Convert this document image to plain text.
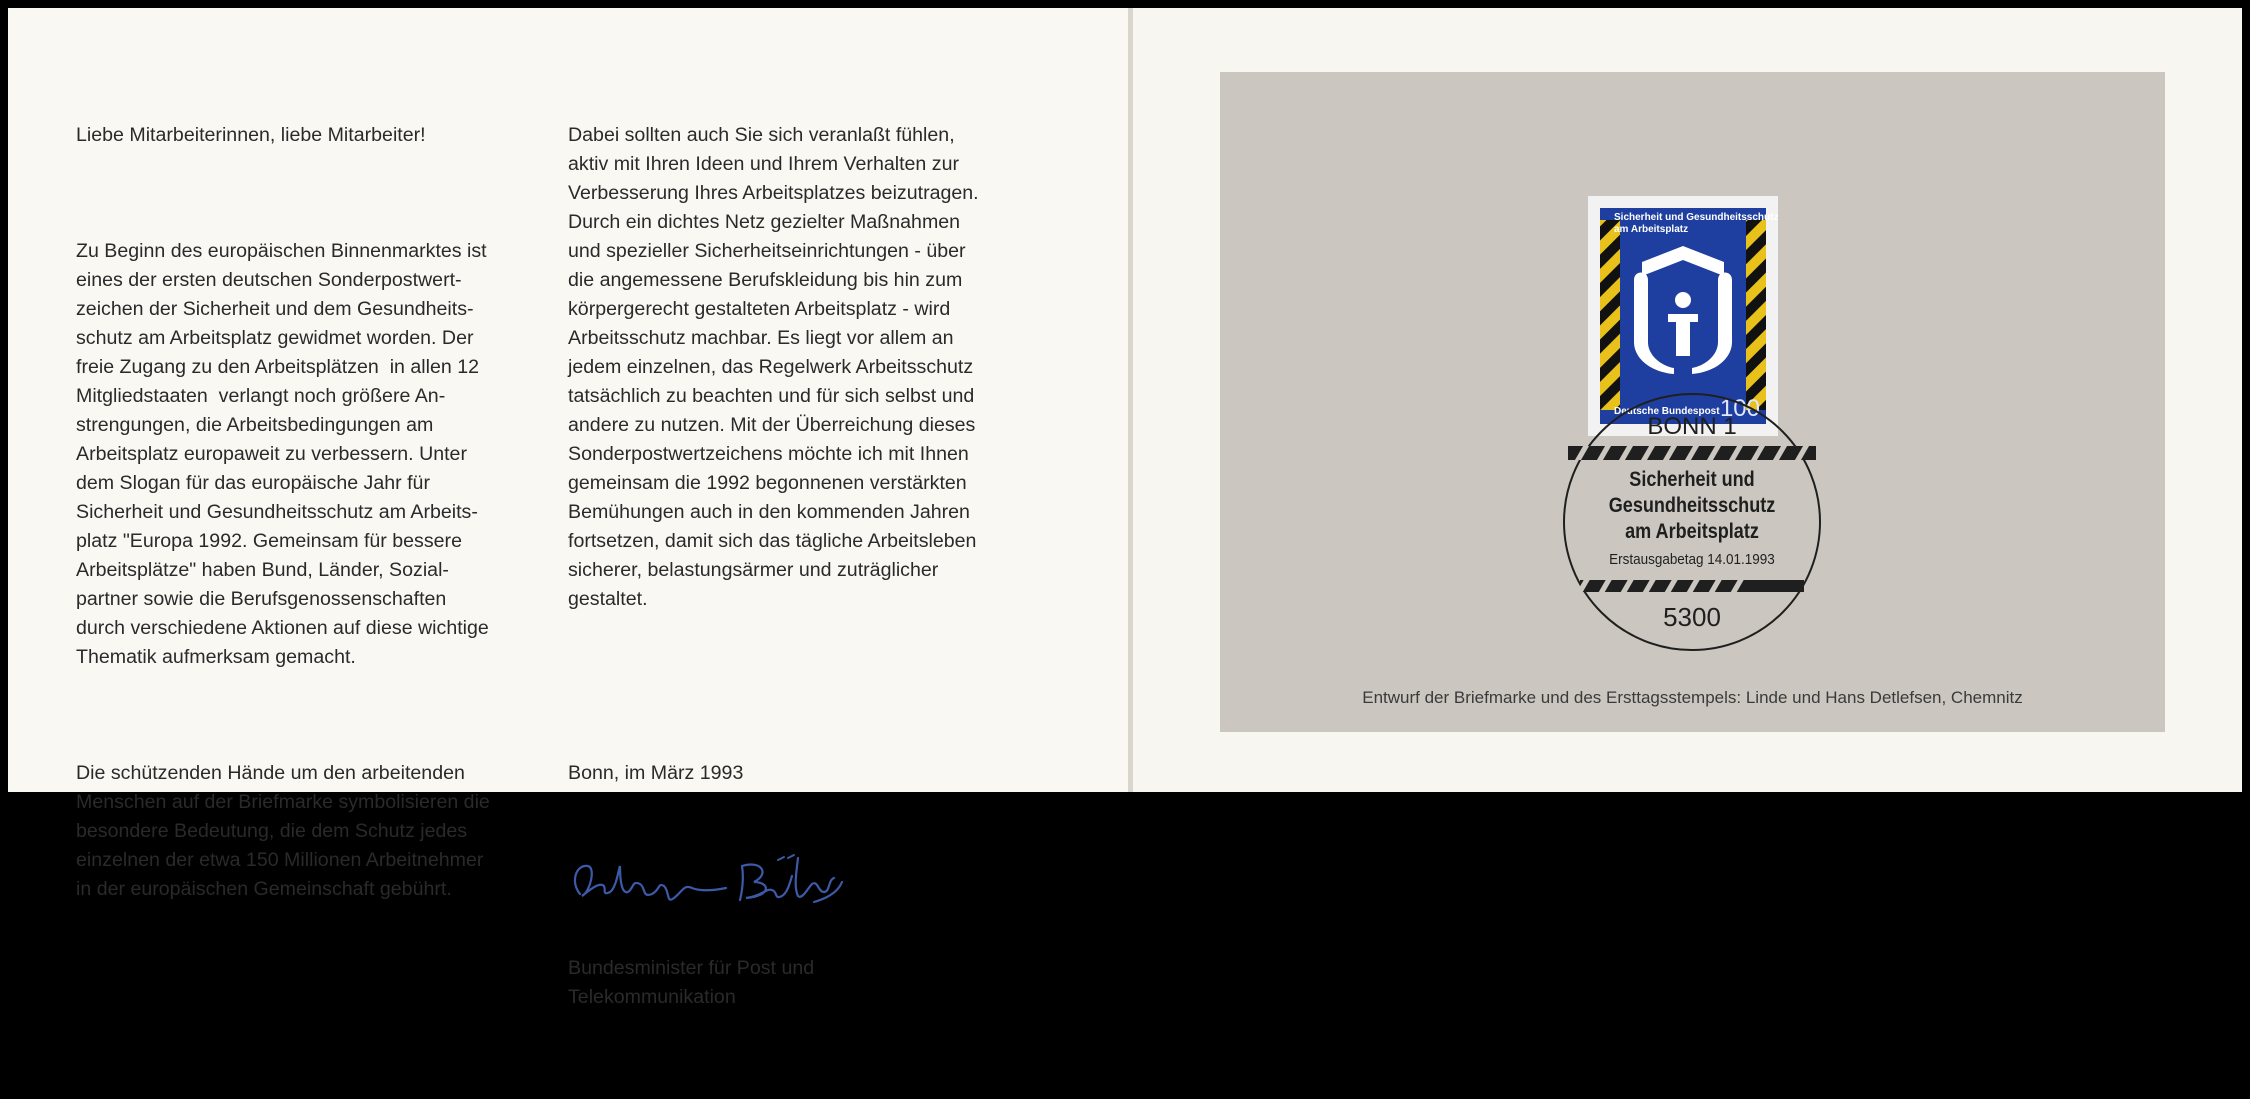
Liebe Mitarbeiterinnen, liebe Mitarbeiter!

Zu Beginn des europäischen Binnenmarktes ist
eines der ersten deutschen Sonderpostwert-
zeichen der Sicherheit und dem Gesundheits-
schutz am Arbeitsplatz gewidmet worden. Der
freie Zugang zu den Arbeitsplätzen  in allen 12
Mitgliedstaaten  verlangt noch größere An-
strengungen, die Arbeitsbedingungen am
Arbeitsplatz europaweit zu verbessern. Unter
dem Slogan für das europäische Jahr für
Sicherheit und Gesundheitsschutz am Arbeits-
platz "Europa 1992. Gemeinsam für bessere
Arbeitsplätze" haben Bund, Länder, Sozial-
partner sowie die Berufsgenossenschaften
durch verschiedene Aktionen auf diese wichtige
Thematik aufmerksam gemacht.

Die schützenden Hände um den arbeitenden
Menschen auf der Briefmarke symbolisieren die
besondere Bedeutung, die dem Schutz jedes
einzelnen der etwa 150 Millionen Arbeitnehmer
in der europäischen Gemeinschaft gebührt.

Dabei sollten auch Sie sich veranlaßt fühlen,
aktiv mit Ihren Ideen und Ihrem Verhalten zur
Verbesserung Ihres Arbeitsplatzes beizutragen.
Durch ein dichtes Netz gezielter Maßnahmen
und spezieller Sicherheitseinrichtungen - über
die angemessene Berufskleidung bis hin zum
körpergerecht gestalteten Arbeitsplatz - wird
Arbeitsschutz machbar. Es liegt vor allem an
jedem einzelnen, das Regelwerk Arbeitsschutz
tatsächlich zu beachten und für sich selbst und
andere zu nutzen. Mit der Überreichung dieses
Sonderpostwertzeichens möchte ich mit Ihnen
gemeinsam die 1992 begonnenen verstärkten
Bemühungen auch in den kommenden Jahren
fortsetzen, damit sich das tägliche Arbeitsleben
sicherer, belastungsärmer und zuträglicher
gestaltet.

Bonn, im März 1993

Bundesminister für Post und
Telekommunikation

Entwurf der Briefmarke und des Ersttagsstempels: Linde und Hans Detlefsen, Chemnitz
Sicherheit und Gesundheitsschutz
am Arbeitsplatz
Deutsche Bundespost 100
BONN 1
Sicherheit und
Gesundheitsschutz
am Arbeitsplatz
Erstausgabetag 14.01.1993
5300
